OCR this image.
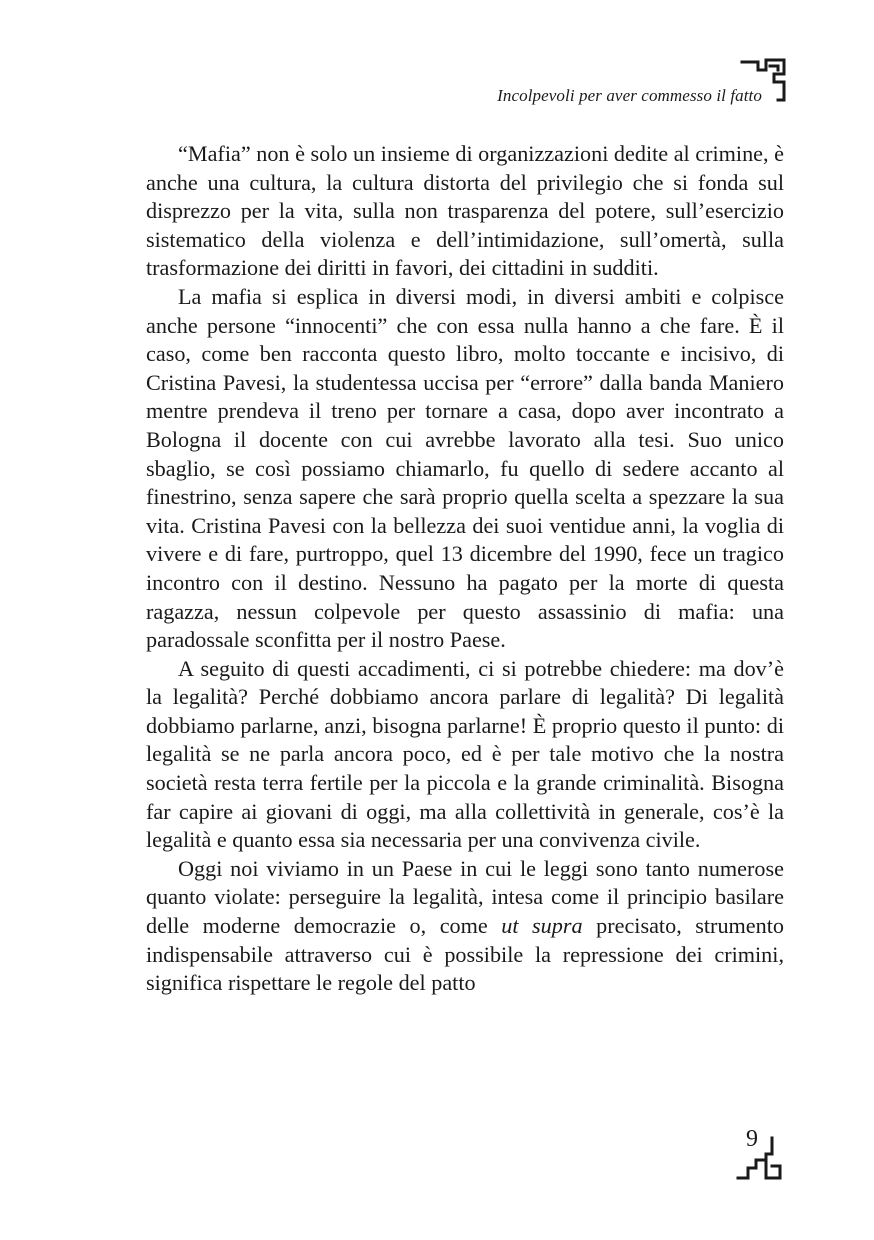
Incolpevoli per aver commesso il fatto

“Mafia” non è solo un insieme di organizzazioni dedite al crimine, è anche una cultura, la cultura distorta del privilegio che si fonda sul disprezzo per la vita, sulla non trasparenza del potere, sull’esercizio sistematico della violenza e dell’intimidazione, sull’omertà, sulla trasformazione dei diritti in favori, dei cittadini in sudditi.

La mafia si esplica in diversi modi, in diversi ambiti e colpisce anche persone “innocenti” che con essa nulla hanno a che fare. È il caso, come ben racconta questo libro, molto toccante e incisivo, di Cristina Pavesi, la studentessa uccisa per “errore” dalla banda Maniero mentre prendeva il treno per tornare a casa, dopo aver incontrato a Bologna il docente con cui avrebbe lavorato alla tesi. Suo unico sbaglio, se così possiamo chiamarlo, fu quello di sedere accanto al finestrino, senza sapere che sarà proprio quella scelta a spezzare la sua vita. Cristina Pavesi con la bellezza dei suoi ventidue anni, la voglia di vivere e di fare, purtroppo, quel 13 dicembre del 1990, fece un tragico incontro con il destino. Nessuno ha pagato per la morte di questa ragazza, nessun colpevole per questo assassinio di mafia: una paradossale sconfitta per il nostro Paese.

A seguito di questi accadimenti, ci si potrebbe chiedere: ma dov’è la legalità? Perché dobbiamo ancora parlare di legalità? Di legalità dobbiamo parlarne, anzi, bisogna parlarne! È proprio questo il punto: di legalità se ne parla ancora poco, ed è per tale motivo che la nostra società resta terra fertile per la piccola e la grande criminalità. Bisogna far capire ai giovani di oggi, ma alla collettività in generale, cos’è la legalità e quanto essa sia necessaria per una convivenza civile.

Oggi noi viviamo in un Paese in cui le leggi sono tanto numerose quanto violate: perseguire la legalità, intesa come il principio basilare delle moderne democrazie o, come ut supra precisato, strumento indispensabile attraverso cui è possibile la repressione dei crimini, significa rispettare le regole del patto

9
